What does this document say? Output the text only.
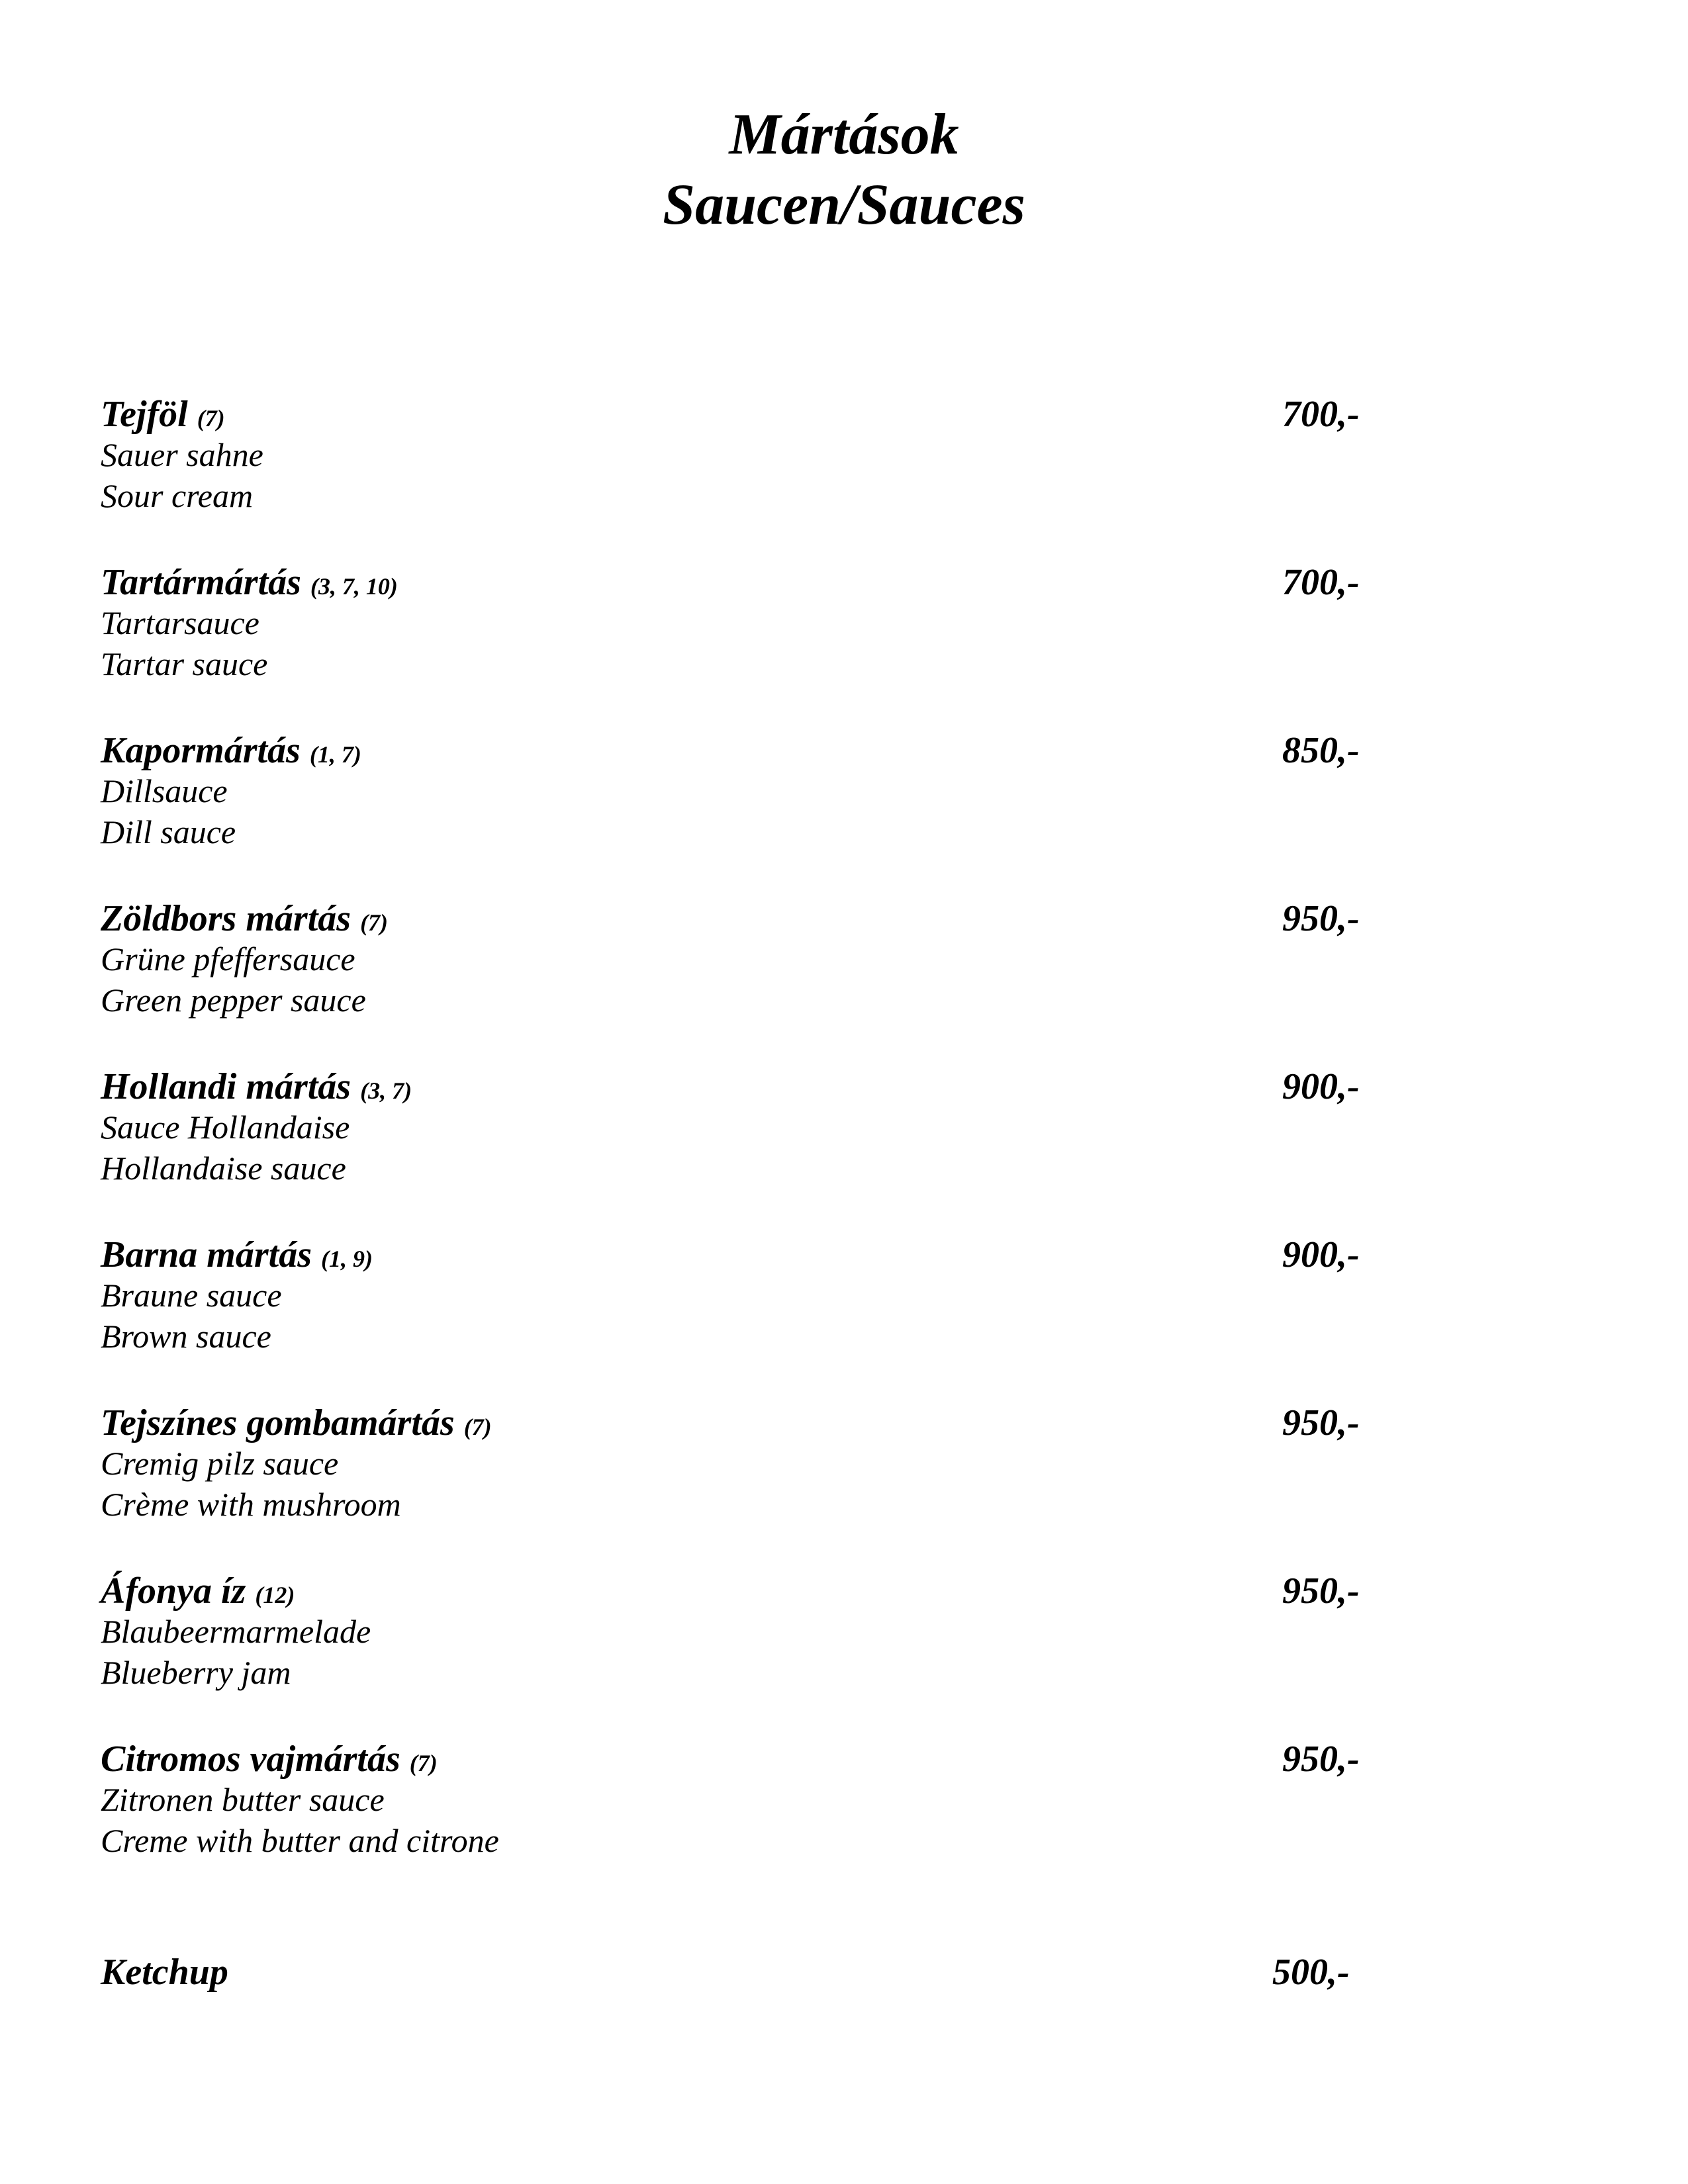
Mártások
Saucen/Sauces
Tejföl (7)	700,-
Sauer sahne
Sour cream
Tartármártás (3, 7, 10)	700,-
Tartarsauce
Tartar sauce
Kapormártás (1, 7)	850,-
Dillsauce
Dill sauce
Zöldbors mártás (7)	950,-
Grüne pfeffersauce
Green pepper sauce
Hollandi mártás (3, 7)	900,-
Sauce Hollandaise
Hollandaise sauce
Barna mártás (1, 9)	900,-
Braune sauce
Brown sauce
Tejszínes gombamártás (7)	950,-
Cremig pilz sauce
Crème with mushroom
Áfonya íz (12)	950,-
Blaubeermarmelade
Blueberry jam
Citromos vajmártás (7)	950,-
Zitronen butter sauce
Creme with butter and citrone
Ketchup	500,-
